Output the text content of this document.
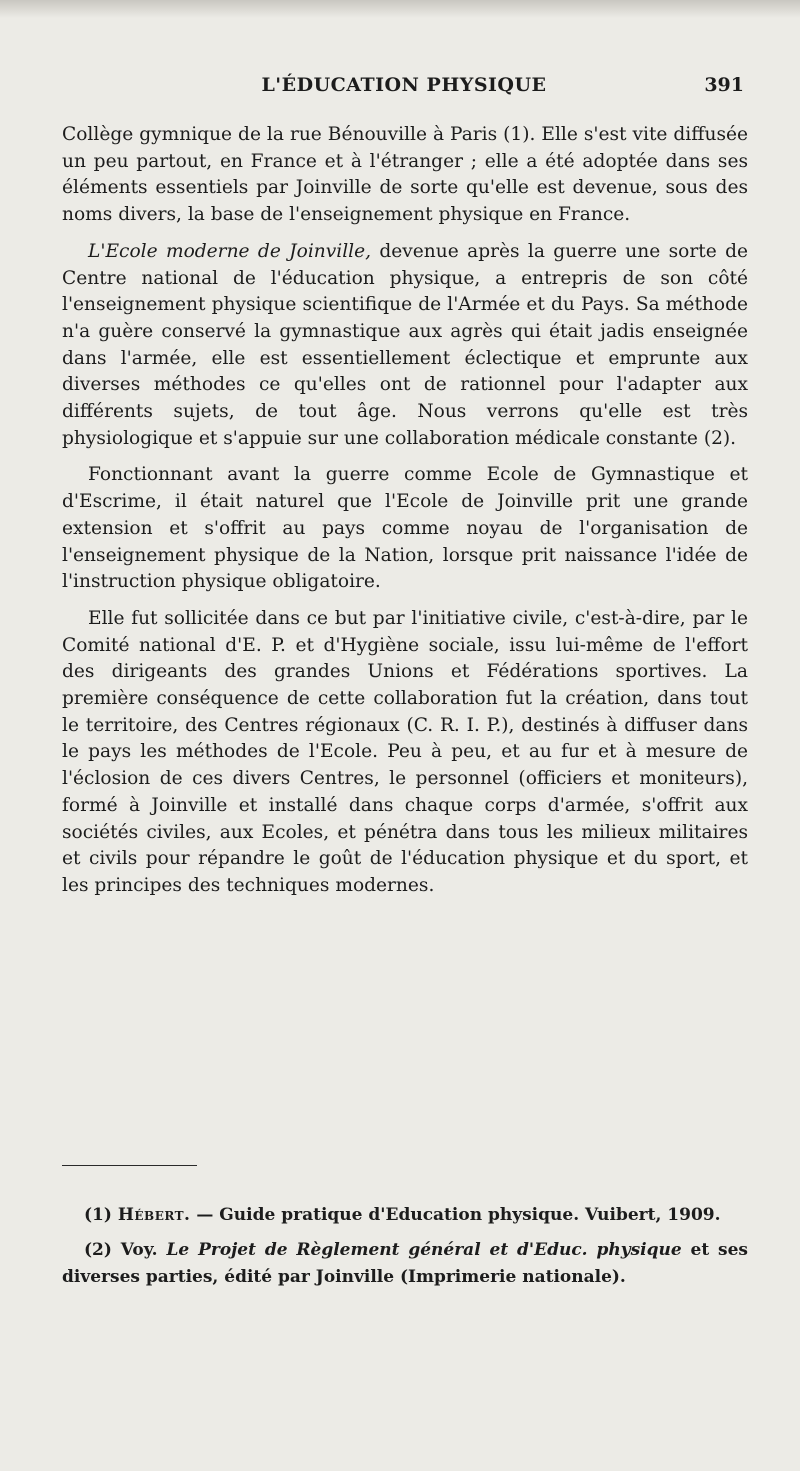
L'ÉDUCATION PHYSIQUE	391

Collège gymnique de la rue Bénouville à Paris (1). Elle s'est vite diffusée un peu partout, en France et à l'étranger ; elle a été adoptée dans ses éléments essentiels par Joinville de sorte qu'elle est devenue, sous des noms divers, la base de l'enseignement physique en France.

L'Ecole moderne de Joinville, devenue après la guerre une sorte de Centre national de l'éducation physique, a entrepris de son côté l'enseignement physique scientifique de l'Armée et du Pays. Sa méthode n'a guère conservé la gymnastique aux agrès qui était jadis enseignée dans l'armée, elle est essentiellement éclectique et emprunte aux diverses méthodes ce qu'elles ont de rationnel pour l'adapter aux différents sujets, de tout âge. Nous verrons qu'elle est très physiologique et s'appuie sur une collaboration médicale constante (2).

Fonctionnant avant la guerre comme Ecole de Gymnastique et d'Escrime, il était naturel que l'Ecole de Joinville prit une grande extension et s'offrit au pays comme noyau de l'organisation de l'enseignement physique de la Nation, lorsque prit naissance l'idée de l'instruction physique obligatoire.

Elle fut sollicitée dans ce but par l'initiative civile, c'est-à-dire, par le Comité national d'E. P. et d'Hygiène sociale, issu lui-même de l'effort des dirigeants des grandes Unions et Fédérations sportives. La première conséquence de cette collaboration fut la création, dans tout le territoire, des Centres régionaux (C. R. I. P.), destinés à diffuser dans le pays les méthodes de l'Ecole. Peu à peu, et au fur et à mesure de l'éclosion de ces divers Centres, le personnel (officiers et moniteurs), formé à Joinville et installé dans chaque corps d'armée, s'offrit aux sociétés civiles, aux Ecoles, et pénétra dans tous les milieux militaires et civils pour répandre le goût de l'éducation physique et du sport, et les principes des techniques modernes.

(1) Hébert. — Guide pratique d'Education physique. Vuibert, 1909.

(2) Voy. Le Projet de Règlement général et d'Educ. physique et ses diverses parties, édité par Joinville (Imprimerie nationale).
